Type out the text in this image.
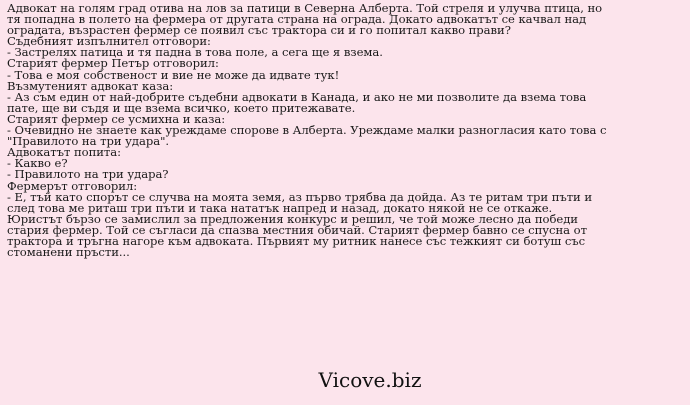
Адвокат на голям град отива на лов за патици в Северна Алберта. Той стреля и улучва птица, но
тя попадна в полето на фермера от другата страна на ограда. Докато адвокатът се качвал над
оградата, възрастен фермер се появил със трактора си и го попитал какво прави?
Съдебният изпълнител отговори:
- Застрелях патица и тя падна в това поле, а сега ще я взема.
Старият фермер Петър отговорил:
- Това е моя собственост и вие не може да идвате тук!
Възмутеният адвокат каза:
- Аз съм един от най-добрите съдебни адвокати в Канада, и ако не ми позволите да взема това
пате, ще ви съдя и ще взема всичко, което притежавате.
Старият фермер се усмихна и каза:
- Очевидно не знаете как уреждаме спорове в Алберта. Уреждаме малки разногласия като това с
"Правилото на три удара".
Адвокатът попита:
- Какво е?
- Правилото на три удара?
Фермерът отговорил:
- Е, тъй като спорът се случва на моята земя, аз първо трябва да дойда. Аз те ритам три пъти и
след това ме риташ три пъти и така нататък напред и назад, докато някой не се откаже.
Юристът бързо се замислил за предложения конкурс и решил, че той може лесно да победи
стария фермер. Той се съгласи да спазва местния обичай. Старият фермер бавно се спусна от
трактора и тръгна нагоре към адвоката. Първият му ритник нанесе със тежкият си ботуш със
стоманени пръсти...
Vicove.biz
